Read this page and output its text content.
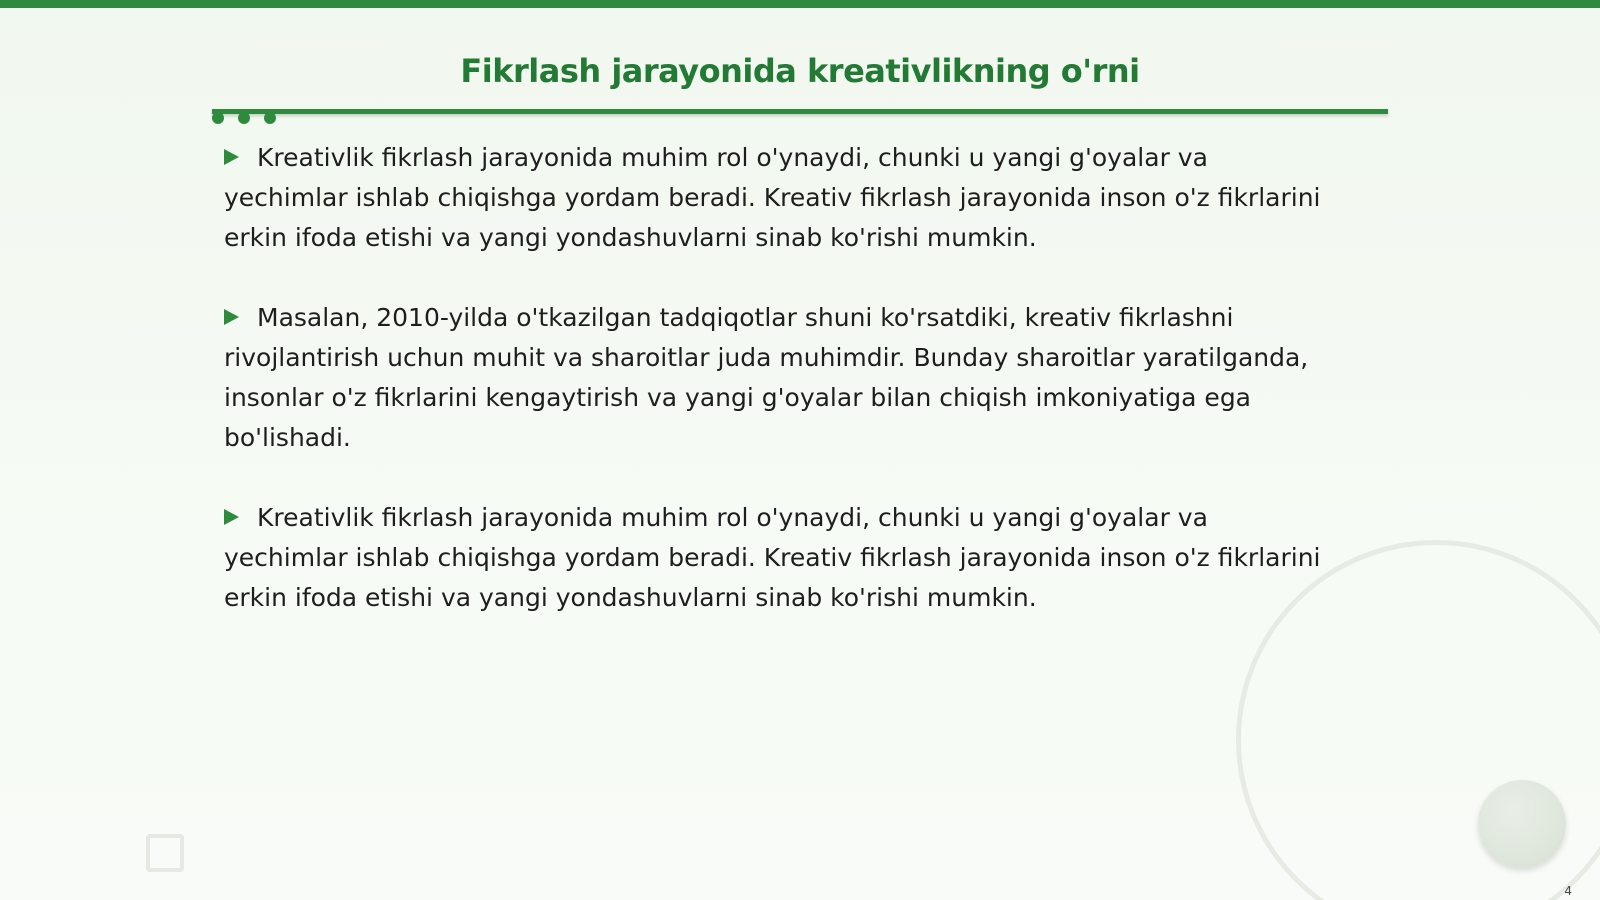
Fikrlash jarayonida kreativlikning o'rni

Kreativlik fikrlash jarayonida muhim rol o'ynaydi, chunki u yangi g'oyalar va yechimlar ishlab chiqishga yordam beradi. Kreativ fikrlash jarayonida inson o'z fikrlarini erkin ifoda etishi va yangi yondashuvlarni sinab ko'rishi mumkin.

Masalan, 2010-yilda o'tkazilgan tadqiqotlar shuni ko'rsatdiki, kreativ fikrlashni rivojlantirish uchun muhit va sharoitlar juda muhimdir. Bunday sharoitlar yaratilganda, insonlar o'z fikrlarini kengaytirish va yangi g'oyalar bilan chiqish imkoniyatiga ega bo'lishadi.

Kreativlik fikrlash jarayonida muhim rol o'ynaydi, chunki u yangi g'oyalar va yechimlar ishlab chiqishga yordam beradi. Kreativ fikrlash jarayonida inson o'z fikrlarini erkin ifoda etishi va yangi yondashuvlarni sinab ko'rishi mumkin.

4
